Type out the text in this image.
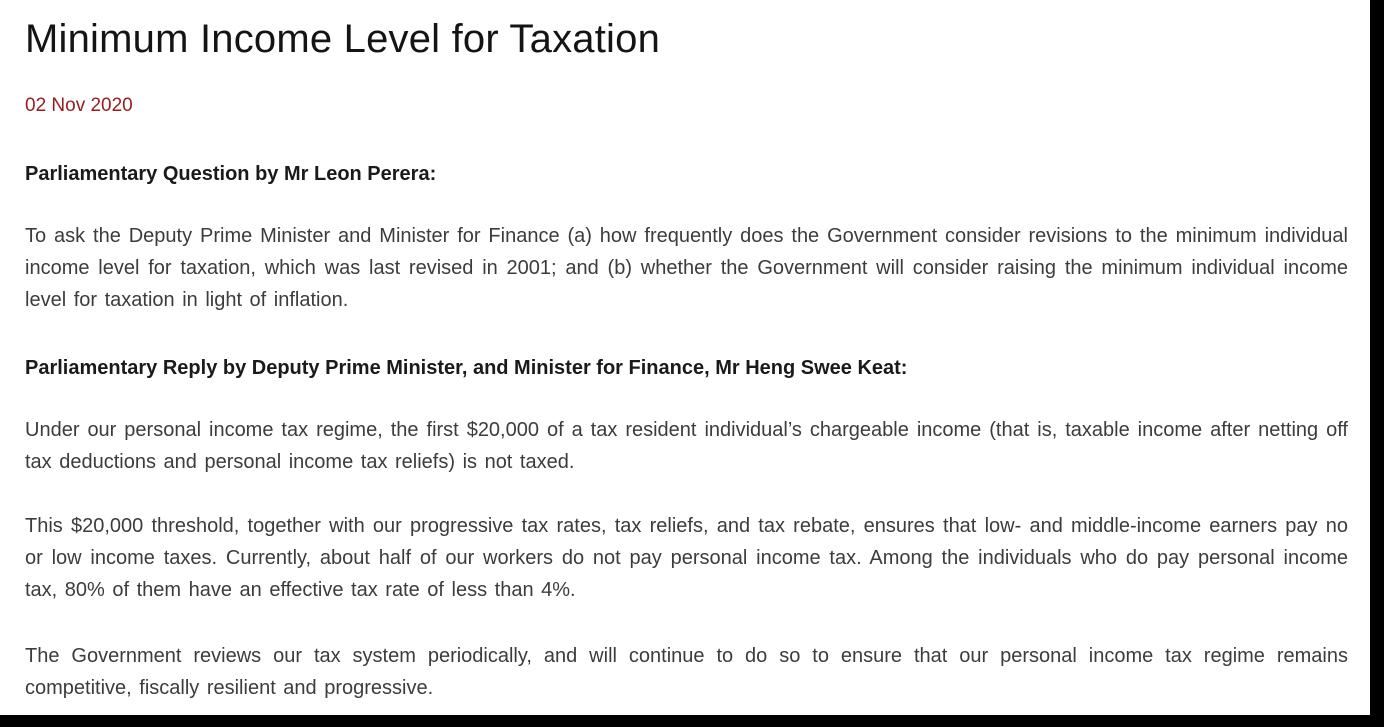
Minimum Income Level for Taxation
02 Nov 2020
Parliamentary Question by Mr Leon Perera:

To ask the Deputy Prime Minister and Minister for Finance (a) how frequently does the Government consider revisions to the minimum individual income level for taxation, which was last revised in 2001; and (b) whether the Government will consider raising the minimum individual income level for taxation in light of inflation.

Parliamentary Reply by Deputy Prime Minister, and Minister for Finance, Mr Heng Swee Keat:

Under our personal income tax regime, the first $20,000 of a tax resident individual’s chargeable income (that is, taxable income after netting off tax deductions and personal income tax reliefs) is not taxed.

This $20,000 threshold, together with our progressive tax rates, tax reliefs, and tax rebate, ensures that low- and middle-income earners pay no or low income taxes. Currently, about half of our workers do not pay personal income tax. Among the individuals who do pay personal income tax, 80% of them have an effective tax rate of less than 4%.

The Government reviews our tax system periodically, and will continue to do so to ensure that our personal income tax regime remains competitive, fiscally resilient and progressive.
